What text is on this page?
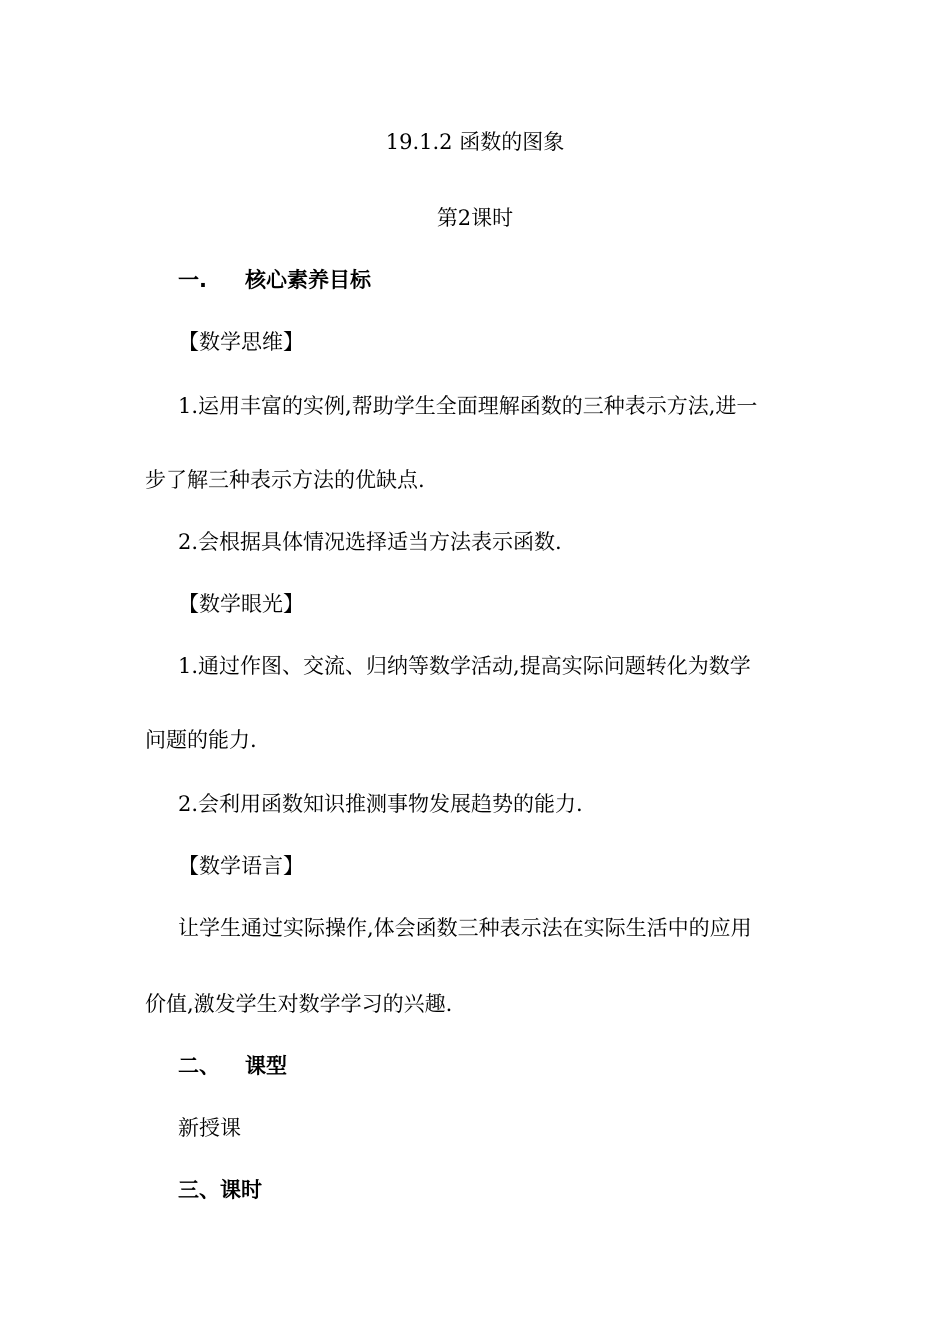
19.1.2 函数的图象
第2课时
一. 核心素养目标
【数学思维】
1.运用丰富的实例,帮助学生全面理解函数的三种表示方法,进一
步了解三种表示方法的优缺点.
2.会根据具体情况选择适当方法表示函数.
【数学眼光】
1.通过作图、交流、归纳等数学活动,提高实际问题转化为数学
问题的能力.
2.会利用函数知识推测事物发展趋势的能力.
【数学语言】
让学生通过实际操作,体会函数三种表示法在实际生活中的应用
价值,激发学生对数学学习的兴趣.
二、 课型
新授课
三、课时
